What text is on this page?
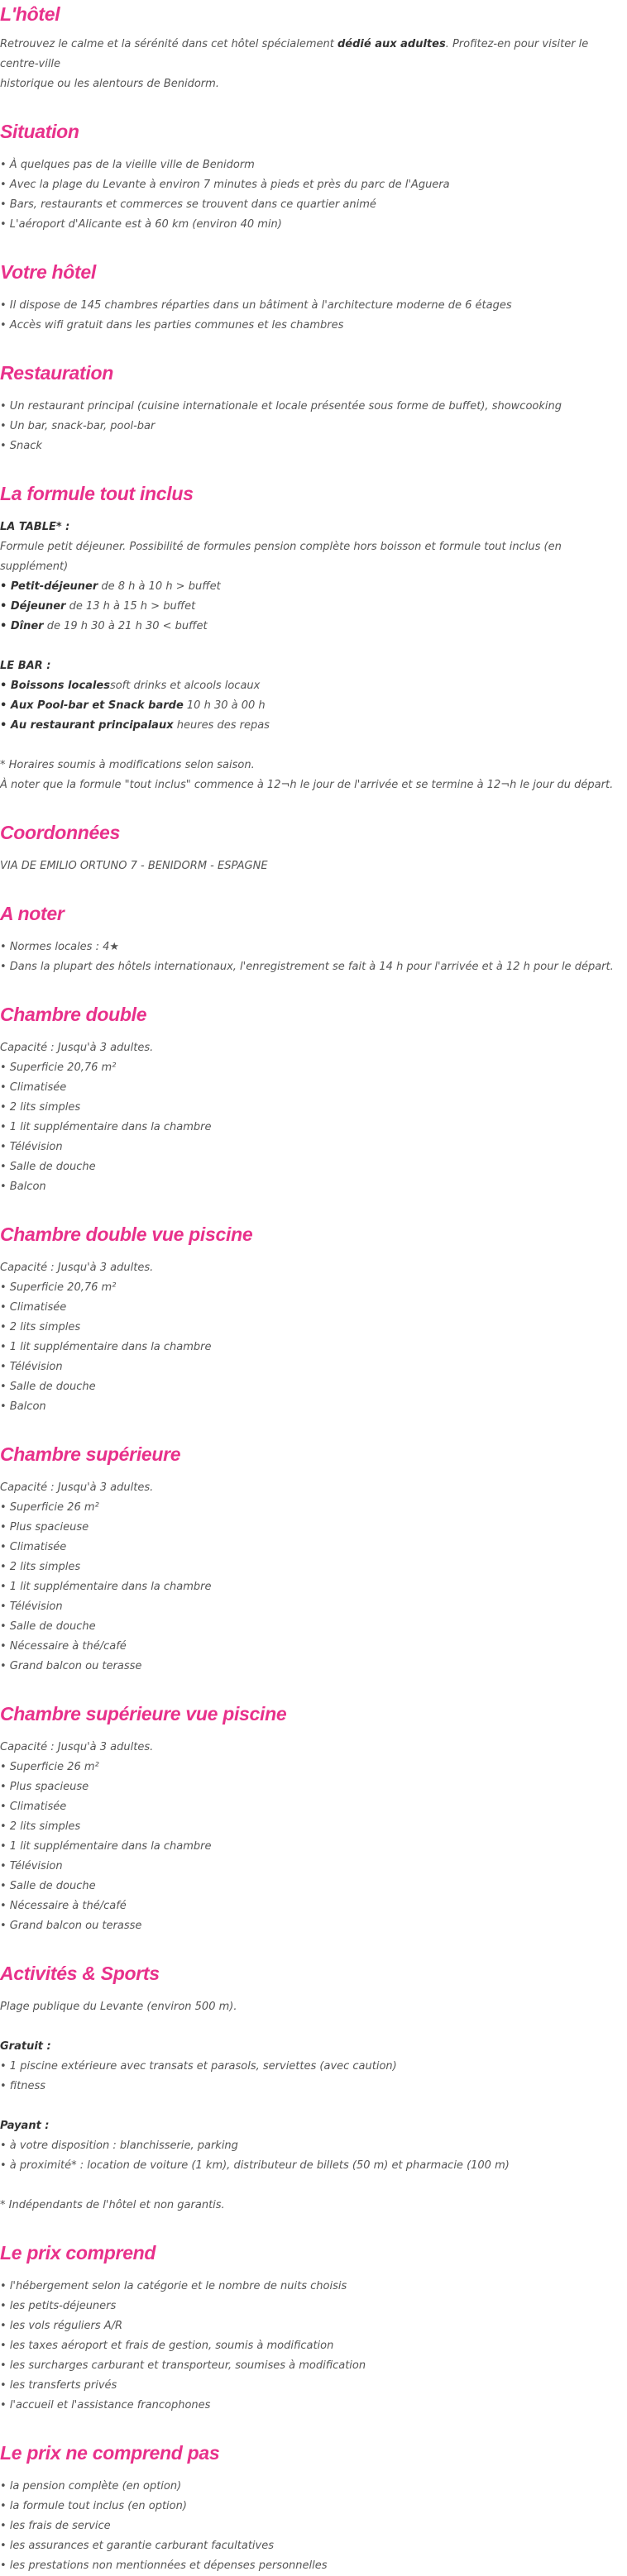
L'hôtel

Retrouvez le calme et la sérénité dans cet hôtel spécialement dédié aux adultes. Profitez-en pour visiter le centre-ville

historique ou les alentours de Benidorm.

Situation
• À quelques pas de la vieille ville de Benidorm
• Avec la plage du Levante à environ 7 minutes à pieds et près du parc de l'Aguera
• Bars, restaurants et commerces se trouvent dans ce quartier animé
• L'aéroport d'Alicante est à 60 km (environ 40 min)
Votre hôtel
• Il dispose de 145 chambres réparties dans un bâtiment à l'architecture moderne de 6 étages
• Accès wifi gratuit dans les parties communes et les chambres
Restauration
• Un restaurant principal (cuisine internationale et locale présentée sous forme de buffet), showcooking
• Un bar, snack-bar, pool-bar
• Snack
La formule tout inclus
LA TABLE* :
Formule petit déjeuner. Possibilité de formules pension complète hors boisson et formule tout inclus (en supplément)
• Petit-déjeuner de 8 h à 10 h > buffet
• Déjeuner de 13 h à 15 h > buffet
• Dîner de 19 h 30 à 21 h 30 < buffet
LE BAR :
• Boissons localessoft drinks et alcools locaux
• Aux Pool-bar et Snack barde 10 h 30 à 00 h
• Au restaurant principalaux heures des repas
* Horaires soumis à modifications selon saison.
À noter que la formule "tout inclus" commence à 12¬h le jour de l'arrivée et se termine à 12¬h le jour du départ.
Coordonnées
VIA DE EMILIO ORTUNO 7 - BENIDORM - ESPAGNE
A noter
• Normes locales : 4★
• Dans la plupart des hôtels internationaux, l'enregistrement se fait à 14 h pour l'arrivée et à 12 h pour le départ.
Chambre double
Capacité : Jusqu'à 3 adultes.
• Superficie 20,76 m²
• Climatisée
• 2 lits simples
• 1 lit supplémentaire dans la chambre
• Télévision
• Salle de douche
• Balcon
Chambre double vue piscine
Capacité : Jusqu'à 3 adultes.
• Superficie 20,76 m²
• Climatisée
• 2 lits simples
• 1 lit supplémentaire dans la chambre
• Télévision
• Salle de douche
• Balcon
Chambre supérieure
Capacité : Jusqu'à 3 adultes.
• Superficie 26 m²
• Plus spacieuse
• Climatisée
• 2 lits simples
• 1 lit supplémentaire dans la chambre
• Télévision
• Salle de douche
• Nécessaire à thé/café
• Grand balcon ou terasse
Chambre supérieure vue piscine
Capacité : Jusqu'à 3 adultes.
• Superficie 26 m²
• Plus spacieuse
• Climatisée
• 2 lits simples
• 1 lit supplémentaire dans la chambre
• Télévision
• Salle de douche
• Nécessaire à thé/café
• Grand balcon ou terasse
Activités & Sports
Plage publique du Levante (environ 500 m).
Gratuit :
• 1 piscine extérieure avec transats et parasols, serviettes (avec caution)
• fitness
Payant :
• à votre disposition : blanchisserie, parking
• à proximité* : location de voiture (1 km), distributeur de billets (50 m) et pharmacie (100 m)
* Indépendants de l'hôtel et non garantis.
Le prix comprend
• l'hébergement selon la catégorie et le nombre de nuits choisis
• les petits-déjeuners
• les vols réguliers A/R
• les taxes aéroport et frais de gestion, soumis à modification
• les surcharges carburant et transporteur, soumises à modification
• les transferts privés
• l'accueil et l'assistance francophones
Le prix ne comprend pas
• la pension complète (en option)
• la formule tout inclus (en option)
• les frais de service
• les assurances et garantie carburant facultatives
• les prestations non mentionnées et dépenses personnelles
